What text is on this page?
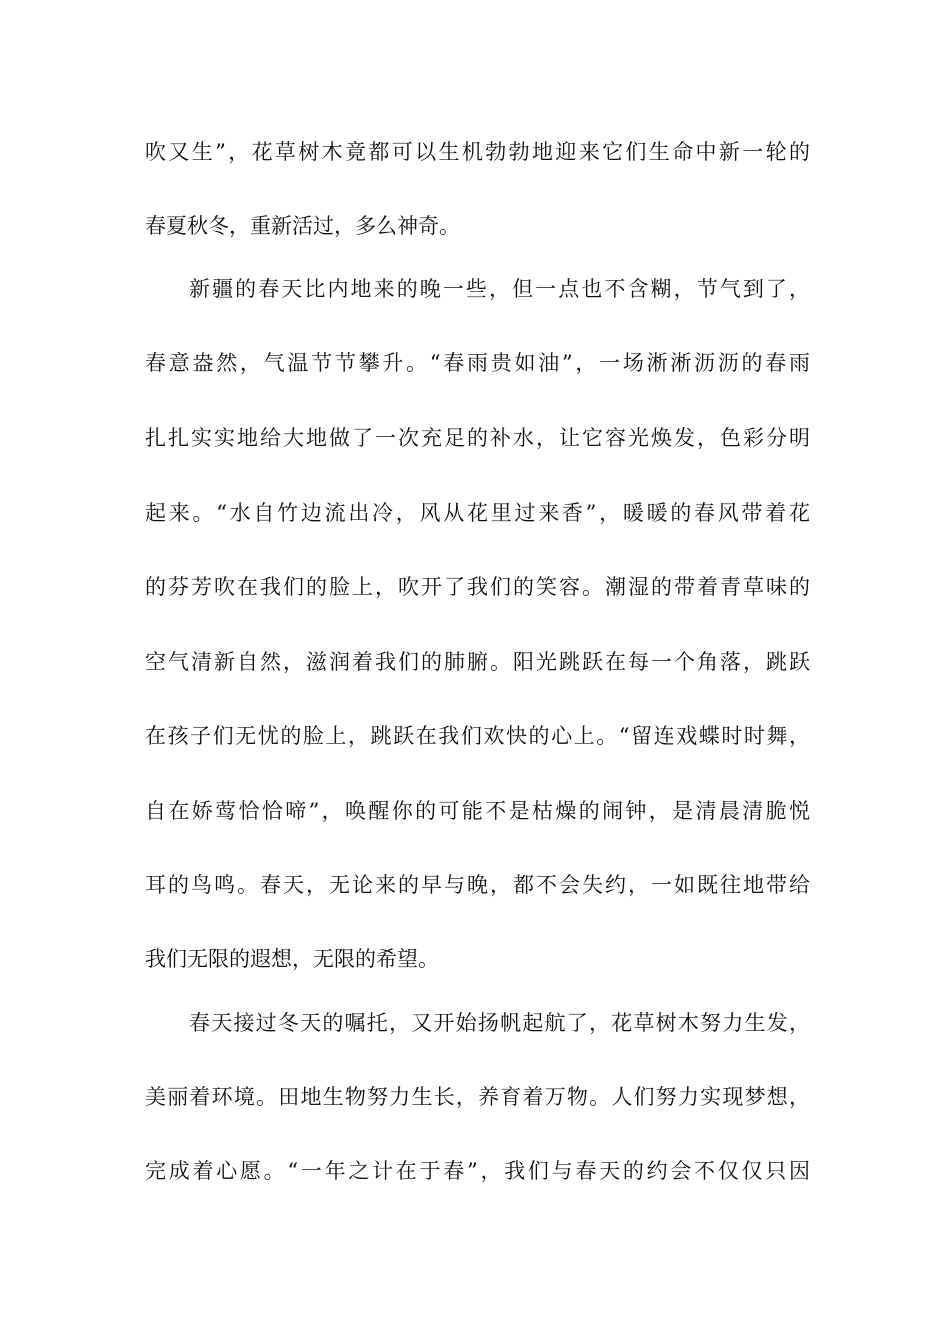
吹又生”，花草树木竟都可以生机勃勃地迎来它们生命中新一轮的
春夏秋冬，重新活过，多么神奇。
新疆的春天比内地来的晚一些，但一点也不含糊，节气到了，
春意盎然，气温节节攀升。“春雨贵如油”，一场淅淅沥沥的春雨
扎扎实实地给大地做了一次充足的补水，让它容光焕发，色彩分明
起来。“水自竹边流出冷，风从花里过来香”，暖暖的春风带着花
的芬芳吹在我们的脸上，吹开了我们的笑容。潮湿的带着青草味的
空气清新自然，滋润着我们的肺腑。阳光跳跃在每一个角落，跳跃
在孩子们无忧的脸上，跳跃在我们欢快的心上。“留连戏蝶时时舞，
自在娇莺恰恰啼”，唤醒你的可能不是枯燥的闹钟，是清晨清脆悦
耳的鸟鸣。春天，无论来的早与晚，都不会失约，一如既往地带给
我们无限的遐想，无限的希望。
春天接过冬天的嘱托，又开始扬帆起航了，花草树木努力生发，
美丽着环境。田地生物努力生长，养育着万物。人们努力实现梦想，
完成着心愿。“一年之计在于春”，我们与春天的约会不仅仅只因
